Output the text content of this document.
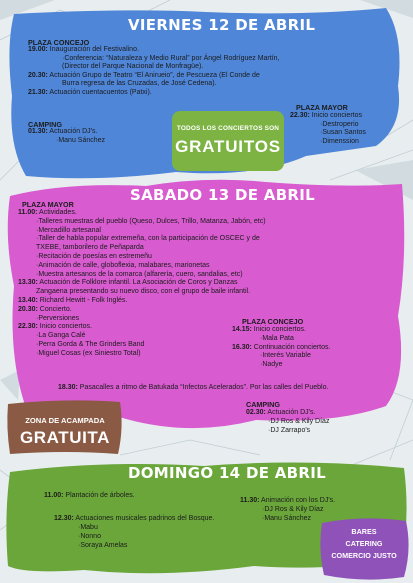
VIERNES 12 DE ABRIL
PLAZA CONCEJO
19.00: Inauguración del Festivalino.
·Conferencia: “Naturaleza y Medio Rural” por Ángel Rodríguez Martín,
(Director del Parque Nacional de Monfragüe).
20.30: Actuación Grupo de Teatro “El Anirueio”, de Pescueza (El Conde de
Burra regresa de las Cruzadas, de José Cedena).
21.30: Actuación cuentacuentos (Patxi).
CAMPING
01.30: Actuación DJ's.
·Manu Sánchez
PLAZA MAYOR
22.30: Inicio conciertos
·Destroperio
·Susan Santos
·Dimenssion
TODOS LOS CONCIERTOS SON
GRATUITOS
SABADO 13 DE ABRIL
PLAZA MAYOR
11.00: Actividades.
·Talleres muestras del pueblo (Queso, Dulces, Trillo, Matanza, Jabón, etc)
·Mercadillo artesanal
·Taller de habla popular extremeña, con la participación de OSCEC y de
TXEBE, tamborilero de Peñaparda
·Recitación de poesías en estremeñu
·Animación de calle, globoflexia, malabares, marionetas
·Muestra artesanos de la comarca (alfarería, cuero, sandalias, etc)
13.30: Actuación de Folklore infantil. La Asociación de Coros y Danzas
Zangaena presentando su nuevo disco, con el grupo de baile infantil.
13.40: Richard Hewitt - Folk Inglés.
20.30: Concierto.
·Perversiones
22.30: Inicio conciertos.
·La Ganga Calé
·Perra Gorda & The Grinders Band
·Miguel Cosas (ex Siniestro Total)
PLAZA CONCEJO
14.15: Inicio conciertos.
·Mala Pata
16.30: Continuación conciertos.
·Interés Variable
·Nadye
18.30: Pasacalles a ritmo de Batukada “Infectos Acelerados”. Por las calles del Pueblo.
CAMPING
02.30: Actuación DJ's.
·DJ Ros & Kily Díaz
·DJ Zarrapo's
ZONA DE ACAMPADA
GRATUITA
DOMINGO 14 DE ABRIL
11.00: Plantación de árboles.
12.30: Actuaciones musicales padrinos del Bosque.
·Mabu
·Nonno
·Soraya Amelas
11.30: Animación con los DJ's.
·DJ Ros & Kily Díaz
·Manu Sánchez
BARES
CATERING
COMERCIO JUSTO
